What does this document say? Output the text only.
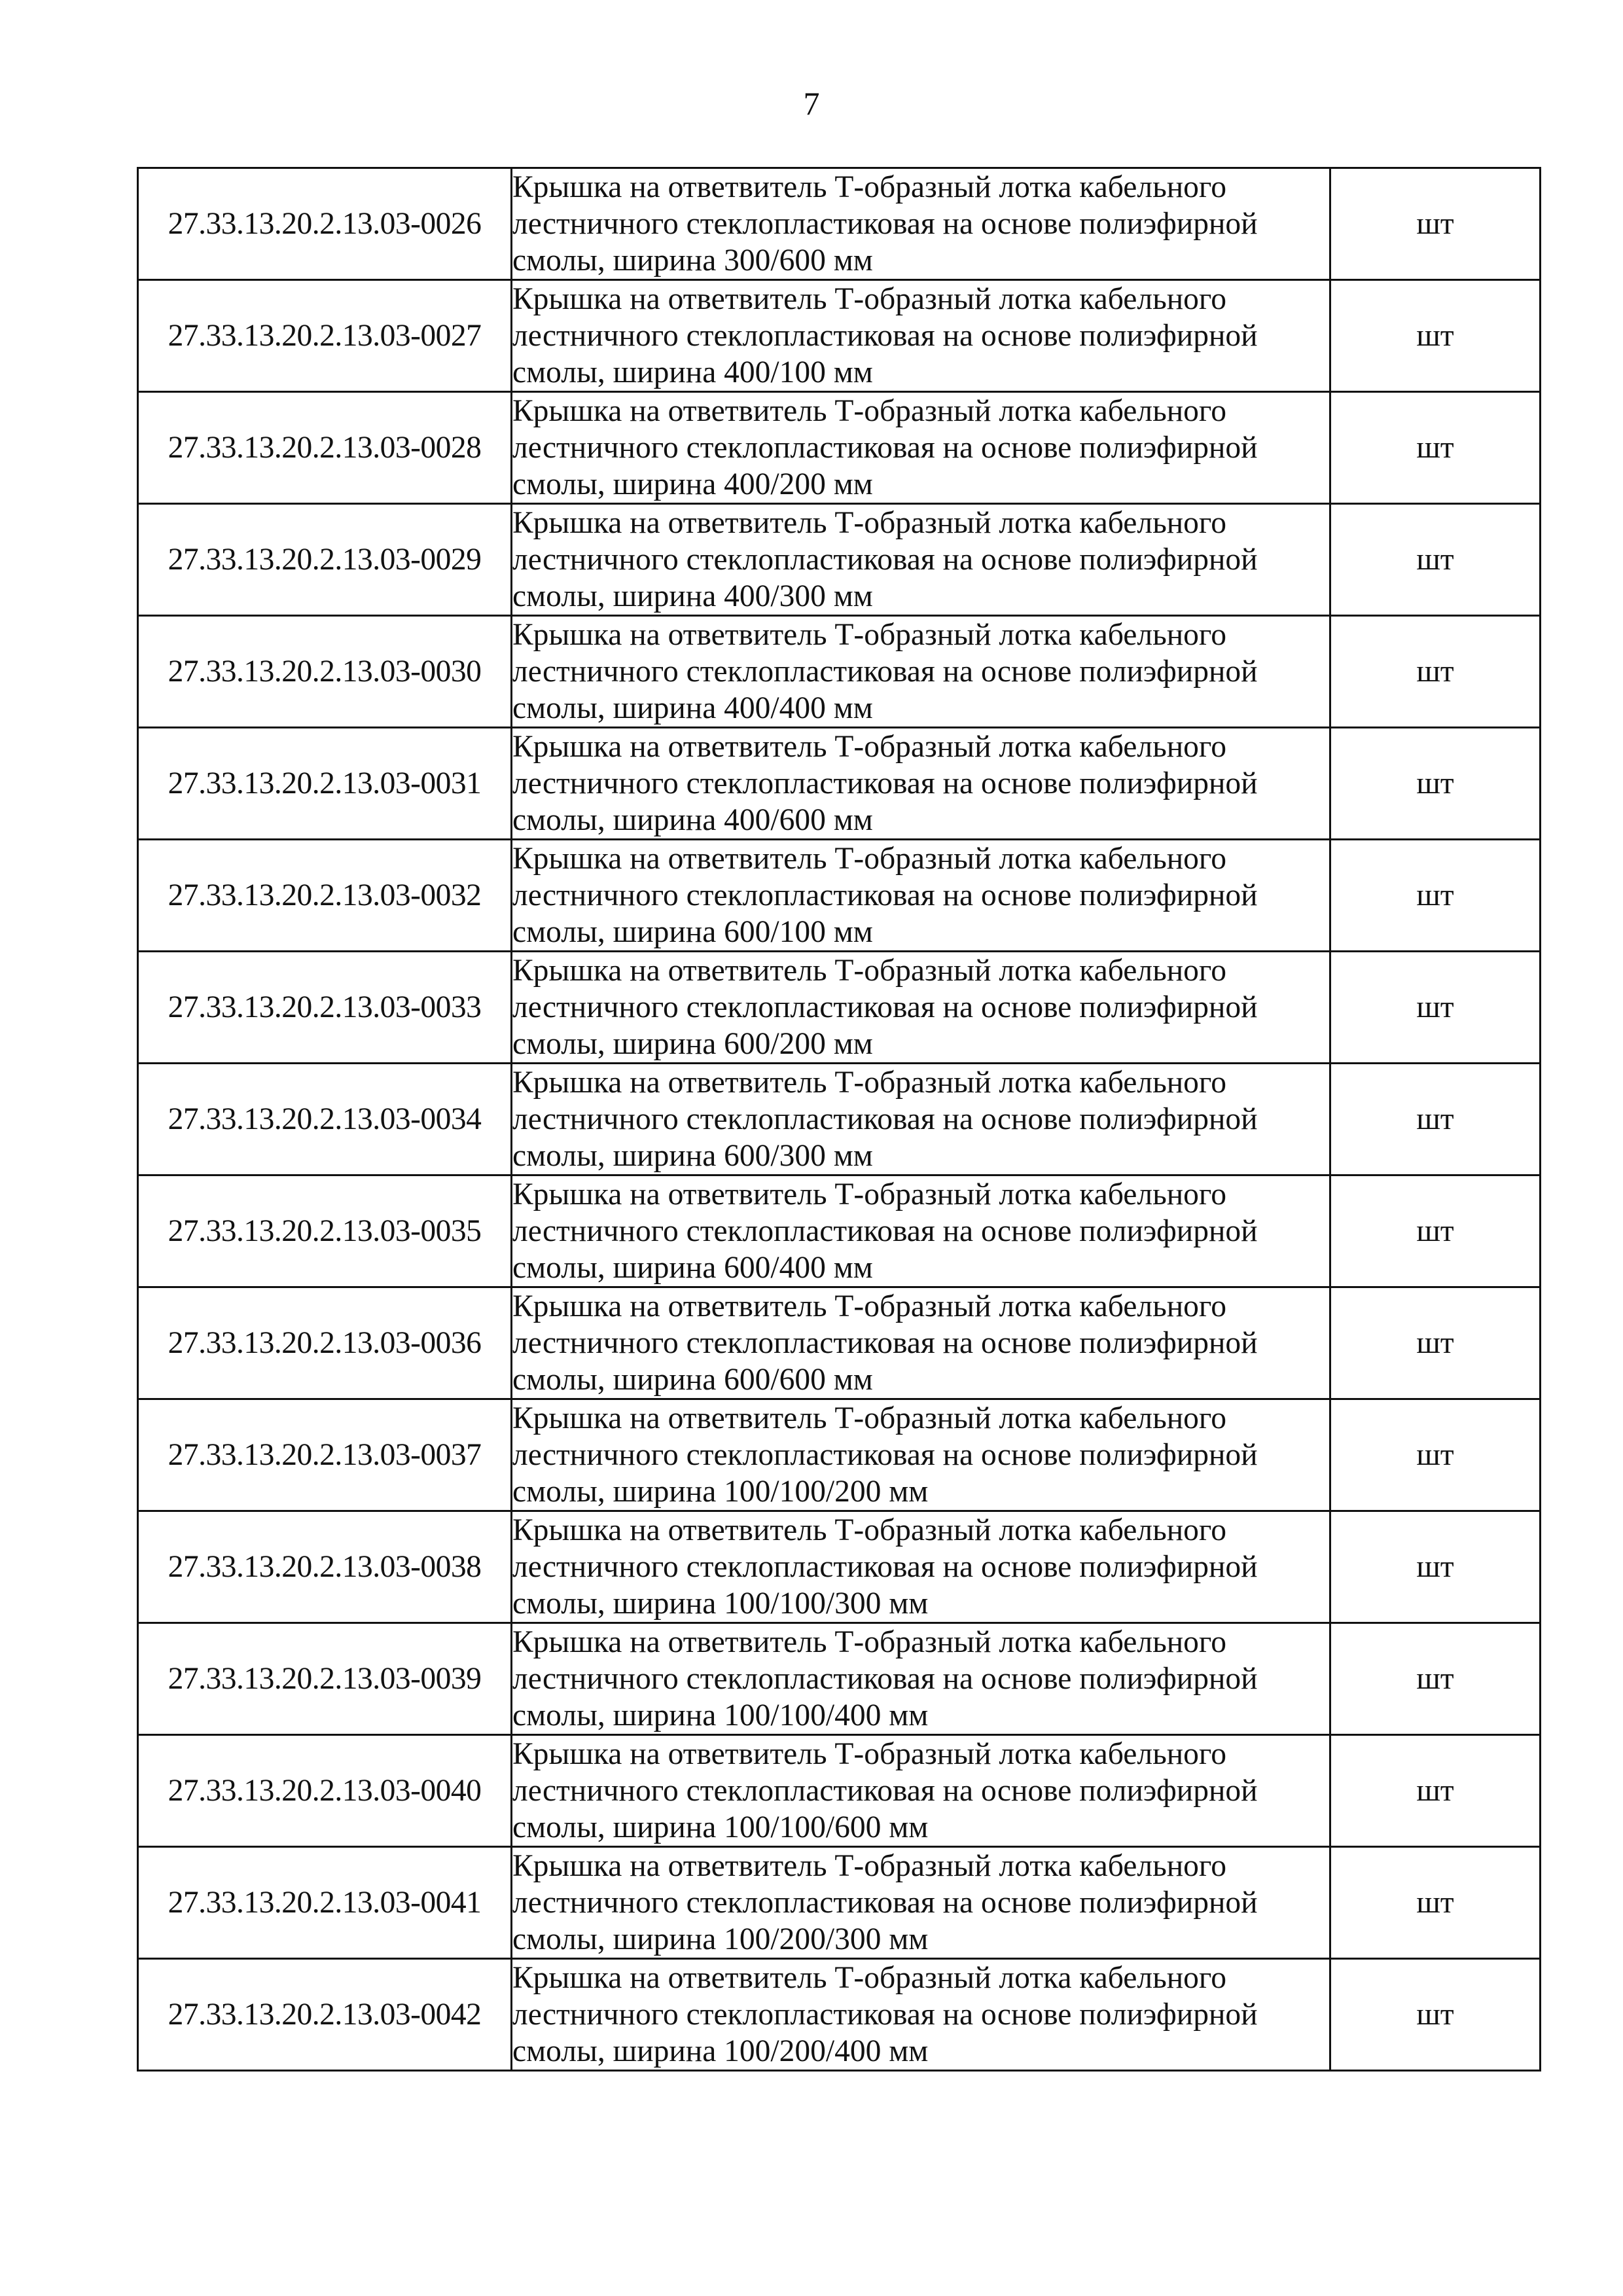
7
27.33.13.20.2.13.03-0026	Крышка на ответвитель Т-образный лотка кабельного
лестничного стеклопластиковая на основе полиэфирной
смолы, ширина 300/600 мм	шт
27.33.13.20.2.13.03-0027	Крышка на ответвитель Т-образный лотка кабельного
лестничного стеклопластиковая на основе полиэфирной
смолы, ширина 400/100 мм	шт
27.33.13.20.2.13.03-0028	Крышка на ответвитель Т-образный лотка кабельного
лестничного стеклопластиковая на основе полиэфирной
смолы, ширина 400/200 мм	шт
27.33.13.20.2.13.03-0029	Крышка на ответвитель Т-образный лотка кабельного
лестничного стеклопластиковая на основе полиэфирной
смолы, ширина 400/300 мм	шт
27.33.13.20.2.13.03-0030	Крышка на ответвитель Т-образный лотка кабельного
лестничного стеклопластиковая на основе полиэфирной
смолы, ширина 400/400 мм	шт
27.33.13.20.2.13.03-0031	Крышка на ответвитель Т-образный лотка кабельного
лестничного стеклопластиковая на основе полиэфирной
смолы, ширина 400/600 мм	шт
27.33.13.20.2.13.03-0032	Крышка на ответвитель Т-образный лотка кабельного
лестничного стеклопластиковая на основе полиэфирной
смолы, ширина 600/100 мм	шт
27.33.13.20.2.13.03-0033	Крышка на ответвитель Т-образный лотка кабельного
лестничного стеклопластиковая на основе полиэфирной
смолы, ширина 600/200 мм	шт
27.33.13.20.2.13.03-0034	Крышка на ответвитель Т-образный лотка кабельного
лестничного стеклопластиковая на основе полиэфирной
смолы, ширина 600/300 мм	шт
27.33.13.20.2.13.03-0035	Крышка на ответвитель Т-образный лотка кабельного
лестничного стеклопластиковая на основе полиэфирной
смолы, ширина 600/400 мм	шт
27.33.13.20.2.13.03-0036	Крышка на ответвитель Т-образный лотка кабельного
лестничного стеклопластиковая на основе полиэфирной
смолы, ширина 600/600 мм	шт
27.33.13.20.2.13.03-0037	Крышка на ответвитель Т-образный лотка кабельного
лестничного стеклопластиковая на основе полиэфирной
смолы, ширина 100/100/200 мм	шт
27.33.13.20.2.13.03-0038	Крышка на ответвитель Т-образный лотка кабельного
лестничного стеклопластиковая на основе полиэфирной
смолы, ширина 100/100/300 мм	шт
27.33.13.20.2.13.03-0039	Крышка на ответвитель Т-образный лотка кабельного
лестничного стеклопластиковая на основе полиэфирной
смолы, ширина 100/100/400 мм	шт
27.33.13.20.2.13.03-0040	Крышка на ответвитель Т-образный лотка кабельного
лестничного стеклопластиковая на основе полиэфирной
смолы, ширина 100/100/600 мм	шт
27.33.13.20.2.13.03-0041	Крышка на ответвитель Т-образный лотка кабельного
лестничного стеклопластиковая на основе полиэфирной
смолы, ширина 100/200/300 мм	шт
27.33.13.20.2.13.03-0042	Крышка на ответвитель Т-образный лотка кабельного
лестничного стеклопластиковая на основе полиэфирной
смолы, ширина 100/200/400 мм	шт
